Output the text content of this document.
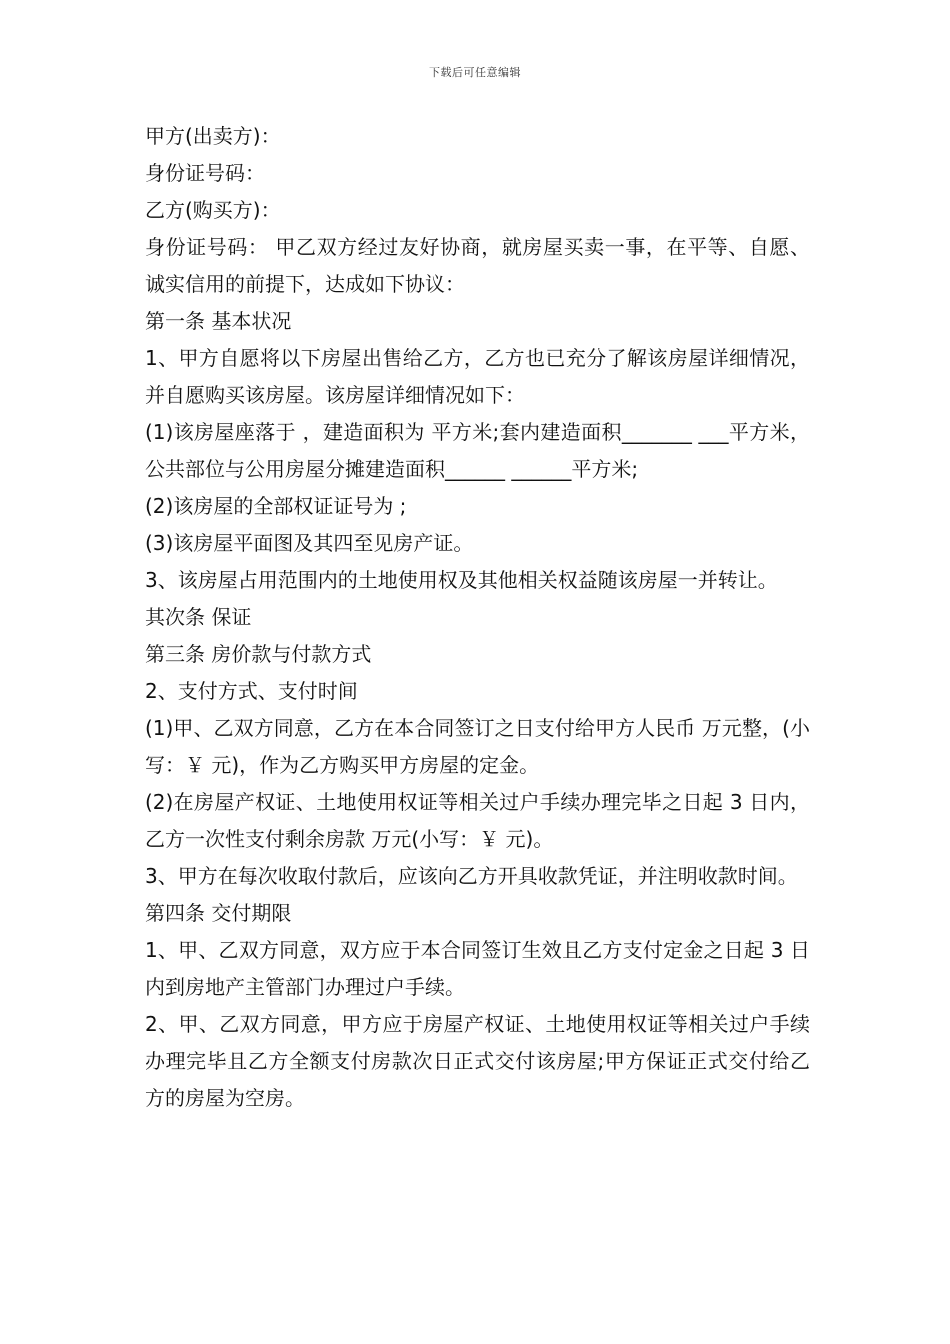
下载后可任意编辑

甲方(出卖方)：

身份证号码：

乙方(购买方)：

身份证号码： 甲乙双方经过友好协商，就房屋买卖一事，在平等、自愿、诚实信用的前提下，达成如下协议：

第一条 基本状况

1、甲方自愿将以下房屋出售给乙方，乙方也已充分了解该房屋详细情况，并自愿购买该房屋。该房屋详细情况如下：

(1)该房屋座落于 ，建造面积为 平方米;套内建造面积_______ ___平方米，公共部位与公用房屋分摊建造面积______ ______平方米;

(2)该房屋的全部权证证号为 ;

(3)该房屋平面图及其四至见房产证。

3、该房屋占用范围内的土地使用权及其他相关权益随该房屋一并转让。

其次条 保证

第三条 房价款与付款方式

2、支付方式、支付时间

(1)甲、乙双方同意，乙方在本合同签订之日支付给甲方人民币 万元整，(小写：￥ 元)，作为乙方购买甲方房屋的定金。

(2)在房屋产权证、土地使用权证等相关过户手续办理完毕之日起 3 日内，乙方一次性支付剩余房款 万元(小写：￥ 元)。

3、甲方在每次收取付款后，应该向乙方开具收款凭证，并注明收款时间。

第四条 交付期限

1、甲、乙双方同意，双方应于本合同签订生效且乙方支付定金之日起 3 日内到房地产主管部门办理过户手续。

2、甲、乙双方同意，甲方应于房屋产权证、土地使用权证等相关过户手续办理完毕且乙方全额支付房款次日正式交付该房屋;甲方保证正式交付给乙方的房屋为空房。
